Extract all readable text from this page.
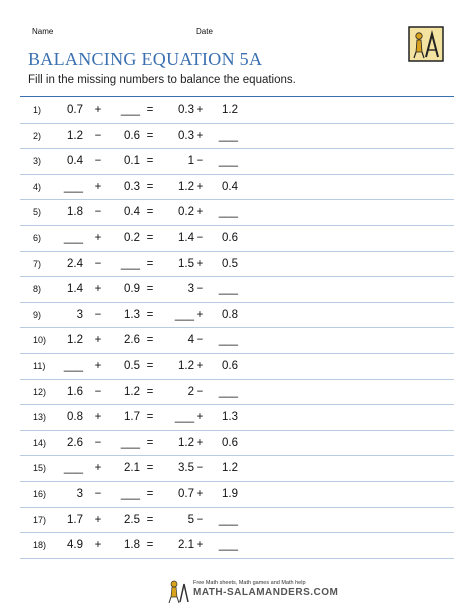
Name	Date
BALANCING EQUATION 5A
Fill in the missing numbers to balance the equations.
1)	0.7 +	___ =	0.3 +	1.2
2)	1.2 −	0.6 =	0.3 +	___
3)	0.4 −	0.1 =	1 −	___
4)	___ +	0.3 =	1.2 +	0.4
5)	1.8 −	0.4 =	0.2 +	___
6)	___ +	0.2 =	1.4 −	0.6
7)	2.4 −	___ =	1.5 +	0.5
8)	1.4 +	0.9 =	3 −	___
9)	3 −	1.3 =	___ +	0.8
10)	1.2 +	2.6 =	4 −	___
11)	___ +	0.5 =	1.2 +	0.6
12)	1.6 −	1.2 =	2 −	___
13)	0.8 +	1.7 =	___ +	1.3
14)	2.6 −	___ =	1.2 +	0.6
15)	___ +	2.1 =	3.5 −	1.2
16)	3 −	___ =	0.7 +	1.9
17)	1.7 +	2.5 =	5 −	___
18)	4.9 +	1.8 =	2.1 +	___
Free Math sheets, Math games and Math help
MATH-SALAMANDERS.COM
